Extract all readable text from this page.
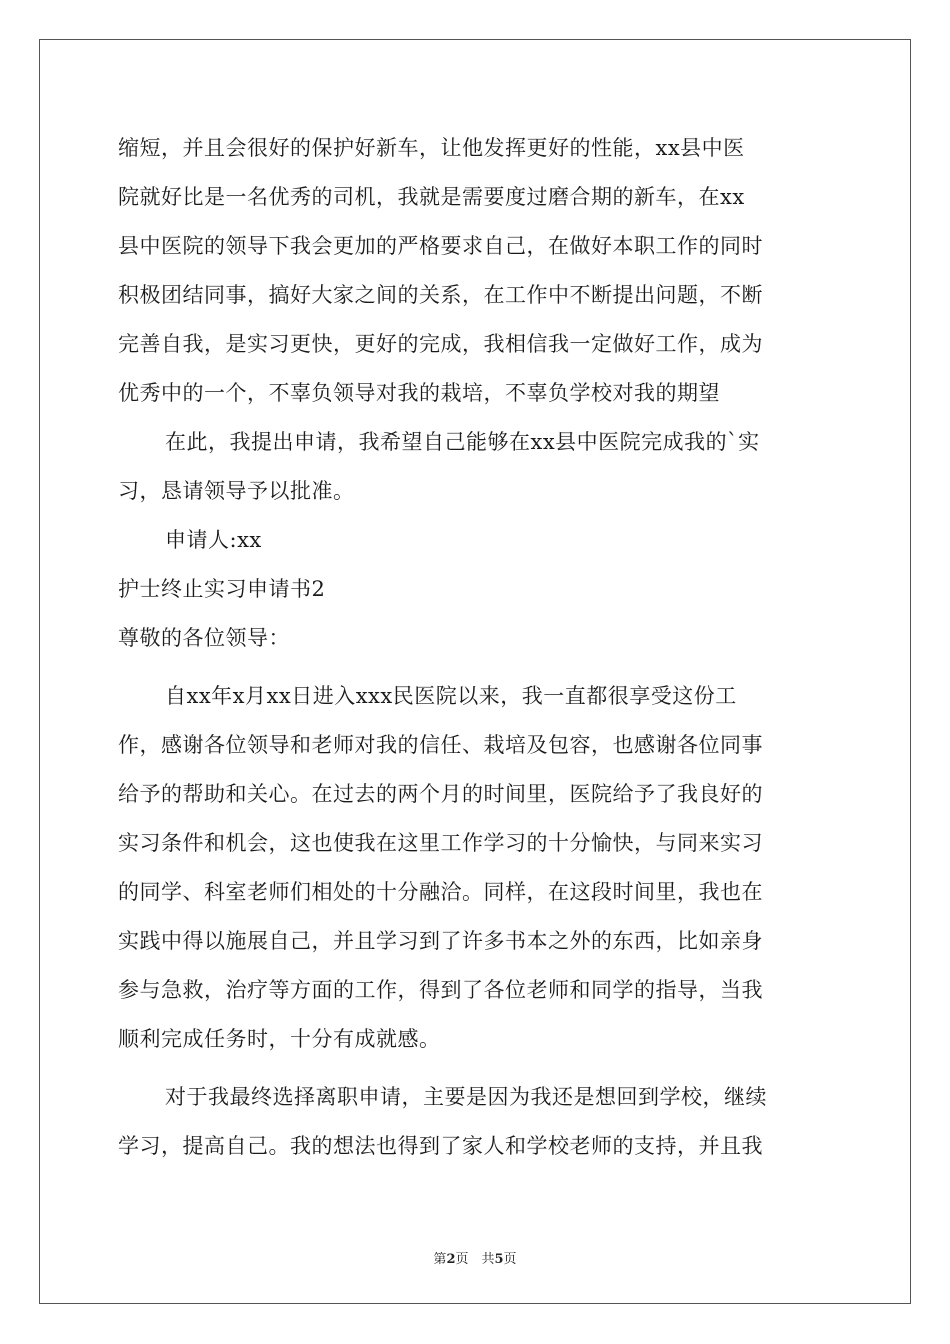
缩短，并且会很好的保护好新车，让他发挥更好的性能，xx县中医
院就好比是一名优秀的司机，我就是需要度过磨合期的新车，在xx
县中医院的领导下我会更加的严格要求自己，在做好本职工作的同时
积极团结同事，搞好大家之间的关系，在工作中不断提出问题，不断
完善自我，是实习更快，更好的完成，我相信我一定做好工作，成为
优秀中的一个，不辜负领导对我的栽培，不辜负学校对我的期望
在此，我提出申请，我希望自己能够在xx县中医院完成我的`实
习，恳请领导予以批准。
申请人:xx
护士终止实习申请书2
尊敬的各位领导：
自xx年x月xx日进入xxx民医院以来，我一直都很享受这份工
作，感谢各位领导和老师对我的信任、栽培及包容，也感谢各位同事
给予的帮助和关心。在过去的两个月的时间里，医院给予了我良好的
实习条件和机会，这也使我在这里工作学习的十分愉快，与同来实习
的同学、科室老师们相处的十分融洽。同样，在这段时间里，我也在
实践中得以施展自己，并且学习到了许多书本之外的东西，比如亲身
参与急救，治疗等方面的工作，得到了各位老师和同学的指导，当我
顺利完成任务时，十分有成就感。
对于我最终选择离职申请，主要是因为我还是想回到学校，继续
学习，提高自己。我的想法也得到了家人和学校老师的支持，并且我
第2页　共5页
